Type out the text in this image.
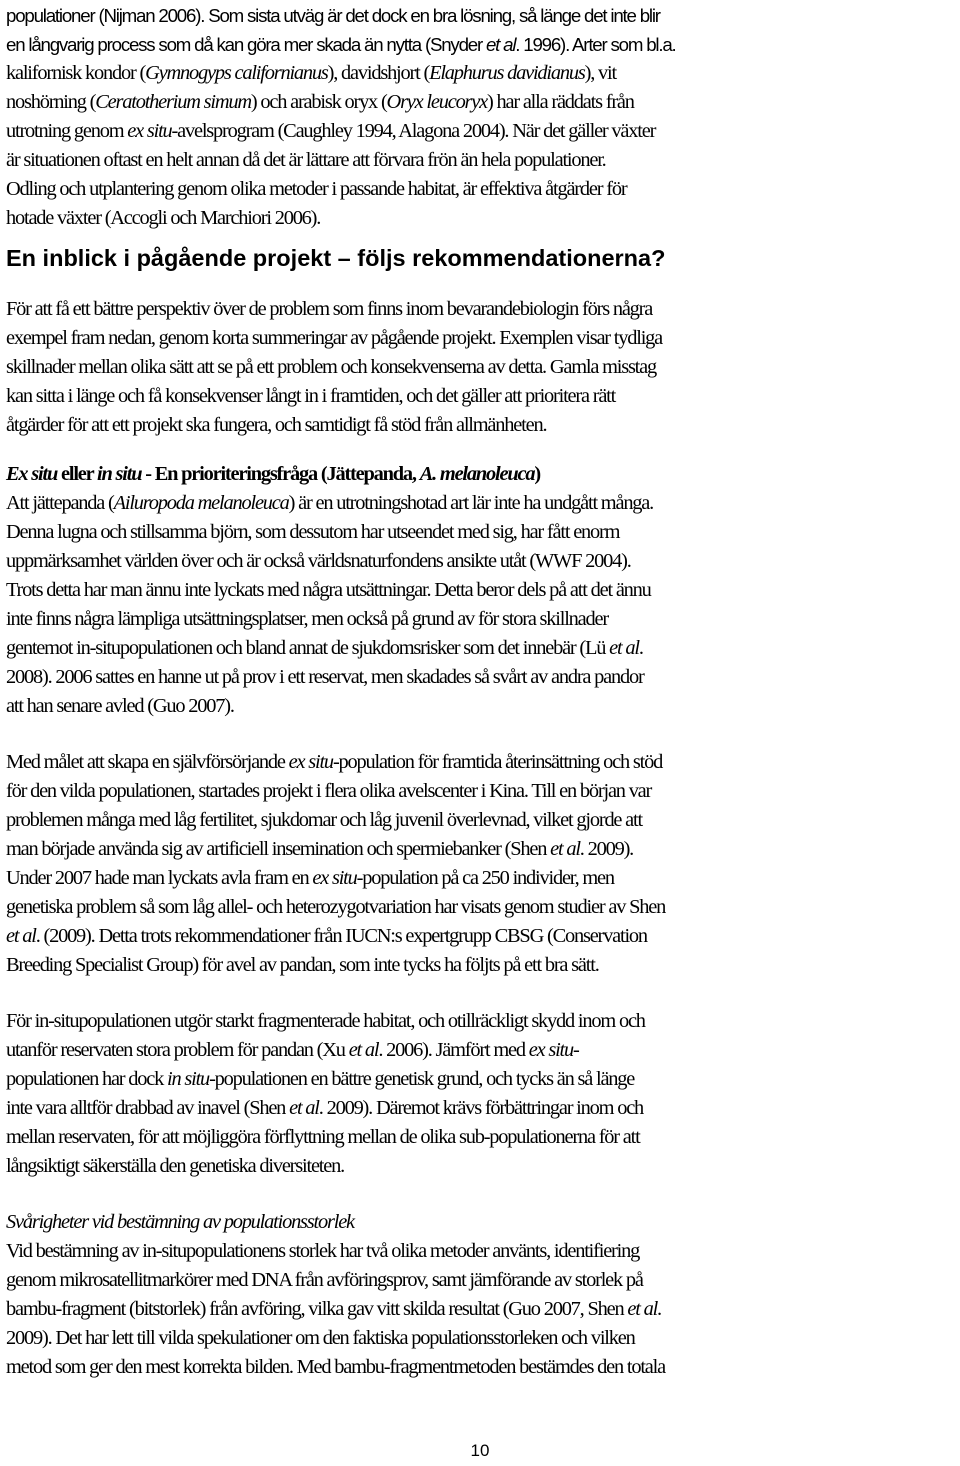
populationer (Nijman 2006). Som sista utväg är det dock en bra lösning, så länge det inte blir
en långvarig process som då kan göra mer skada än nytta (Snyder et al. 1996). Arter som bl.a.
kalifornisk kondor (Gymnogyps californianus), davidshjort (Elaphurus davidianus), vit
noshörning (Ceratotherium simum) och arabisk oryx (Oryx leucoryx) har alla räddats från
utrotning genom ex situ-avelsprogram (Caughley 1994, Alagona 2004). När det gäller växter
är situationen oftast en helt annan då det är lättare att förvara frön än hela populationer.
Odling och utplantering genom olika metoder i passande habitat, är effektiva åtgärder för
hotade växter (Accogli och Marchiori 2006).
En inblick i pågående projekt – följs rekommendationerna?
För att få ett bättre perspektiv över de problem som finns inom bevarandebiologin förs några
exempel fram nedan, genom korta summeringar av pågående projekt. Exemplen visar tydliga
skillnader mellan olika sätt att se på ett problem och konsekvenserna av detta. Gamla misstag
kan sitta i länge och få konsekvenser långt in i framtiden, och det gäller att prioritera rätt
åtgärder för att ett projekt ska fungera, och samtidigt få stöd från allmänheten.
Ex situ eller in situ - En prioriteringsfråga (Jättepanda, A. melanoleuca)
Att jättepanda (Ailuropoda melanoleuca) är en utrotningshotad art lär inte ha undgått många.
Denna lugna och stillsamma björn, som dessutom har utseendet med sig, har fått enorm
uppmärksamhet världen över och är också världsnaturfondens ansikte utåt (WWF 2004).
Trots detta har man ännu inte lyckats med några utsättningar. Detta beror dels på att det ännu
inte finns några lämpliga utsättningsplatser, men också på grund av för stora skillnader
gentemot in-situpopulationen och bland annat de sjukdomsrisker som det innebär (Lü et al.
2008). 2006 sattes en hanne ut på prov i ett reservat, men skadades så svårt av andra pandor
att han senare avled (Guo 2007).
Med målet att skapa en självförsörjande ex situ-population för framtida återinsättning och stöd
för den vilda populationen, startades projekt i flera olika avelscenter i Kina. Till en början var
problemen många med låg fertilitet, sjukdomar och låg juvenil överlevnad, vilket gjorde att
man började använda sig av artificiell insemination och spermiebanker (Shen et al. 2009).
Under 2007 hade man lyckats avla fram en ex situ-population på ca 250 individer, men
genetiska problem så som låg allel- och heterozygotvariation har visats genom studier av Shen
et al. (2009). Detta trots rekommendationer från IUCN:s expertgrupp CBSG (Conservation
Breeding Specialist Group) för avel av pandan, som inte tycks ha följts på ett bra sätt.
För in-situpopulationen utgör starkt fragmenterade habitat, och otillräckligt skydd inom och
utanför reservaten stora problem för pandan (Xu et al. 2006). Jämfört med ex situ-
populationen har dock in situ-populationen en bättre genetisk grund, och tycks än så länge
inte vara alltför drabbad av inavel (Shen et al. 2009). Däremot krävs förbättringar inom och
mellan reservaten, för att möjliggöra förflyttning mellan de olika sub-populationerna för att
långsiktigt säkerställa den genetiska diversiteten.
Svårigheter vid bestämning av populationsstorlek
Vid bestämning av in-situpopulationens storlek har två olika metoder använts, identifiering
genom mikrosatellitmarkörer med DNA från avföringsprov, samt jämförande av storlek på
bambu-fragment (bitstorlek) från avföring, vilka gav vitt skilda resultat (Guo 2007, Shen et al.
2009). Det har lett till vilda spekulationer om den faktiska populationsstorleken och vilken
metod som ger den mest korrekta bilden. Med bambu-fragmentmetoden bestämdes den totala
10
